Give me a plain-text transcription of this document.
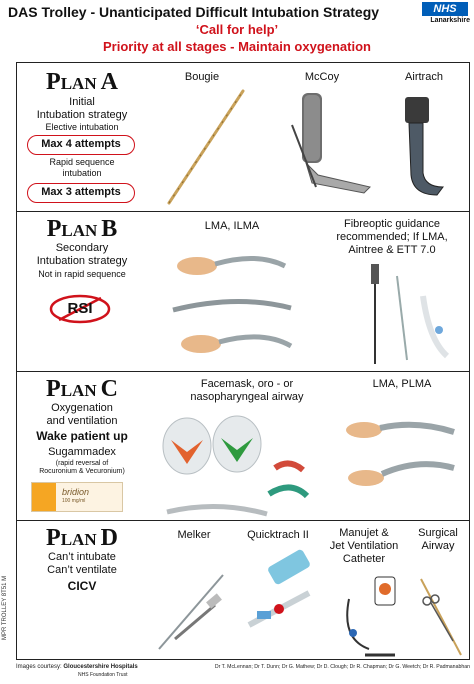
DAS Trolley - Unanticipated Difficult Intubation Strategy
‘Call for help’
Priority at all stages - Maintain oxygenation
NHS
Lanarkshire
Plan A
Initial
Intubation strategy
Elective intubation
Max 4 attempts
Rapid sequence
intubation
Max 3 attempts
Bougie	McCoy	Airtrach
Plan B
Secondary
Intubation strategy
Not in rapid sequence
RSI
LMA, ILMA	Fibreoptic guidance
recommended; If LMA,
Aintree & ETT 7.0
Plan C
Oxygenation
and ventilation
Wake patient up
Sugammadex
(rapid reversal of
Rocuronium & Vecuronium)
bridion
100 mg/ml
Facemask, oro - or
nasopharyngeal airway
LMA, PLMA
Plan D
Can’t intubate
Can’t ventilate
CICV
Melker	Quicktrach II	Manujet &
Jet Ventilation
Catheter
Surgical
Airway
MPR TROLLEY 8T51 M
Images courtesy: Gloucestershire Hospitals
NHS Foundation Trust
Dr T. McLennan; Dr T. Dunn; Dr G. Mathew; Dr D. Clough; Dr R. Chapman; Dr G. Weetch; Dr R. Padmanabhan
